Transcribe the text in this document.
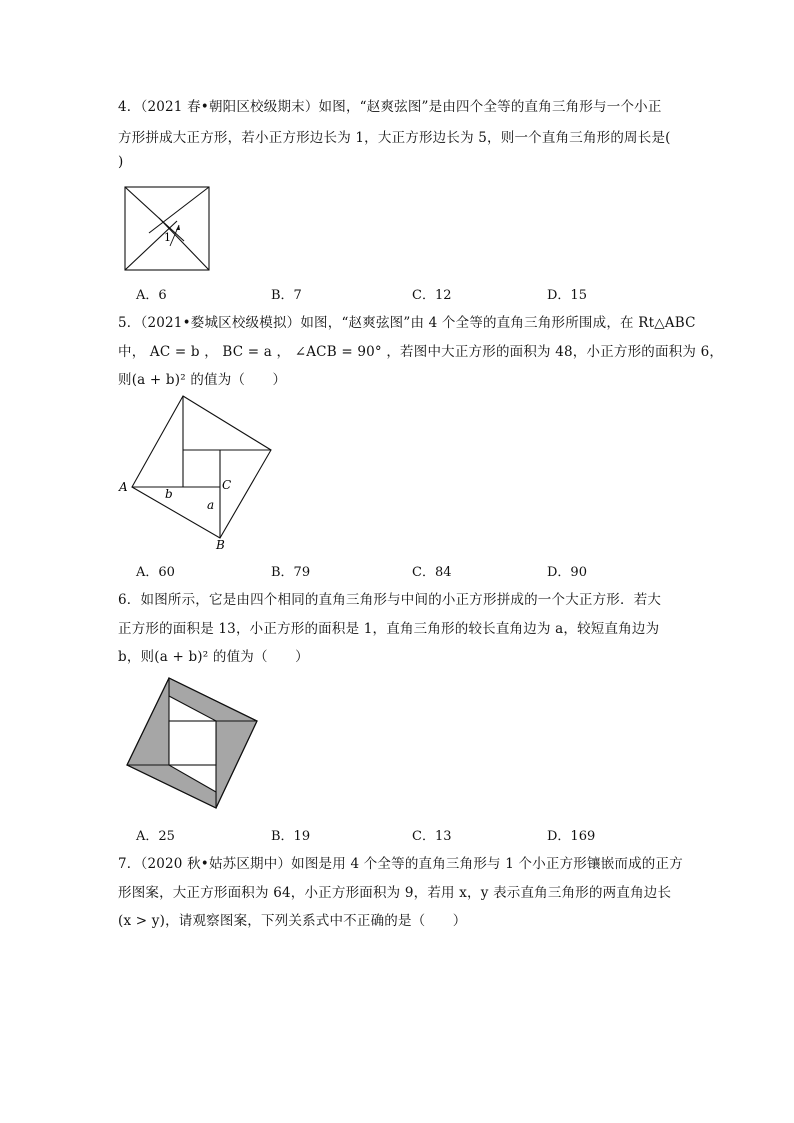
4．（2021 春•朝阳区校级期末）如图，“赵爽弦图”是由四个全等的直角三角形与一个小正
方形拼成大正方形，若小正方形边长为 1，大正方形边长为 5，则一个直角三角形的周长是(
)
1
A．6	B．7	C．12	D．15
5．（2021•婺城区校级模拟）如图，“赵爽弦图”由 4 个全等的直角三角形所围成，在 Rt△ABC
中， AC = b ， BC = a ， ∠ACB = 90° ，若图中大正方形的面积为 48，小正方形的面积为 6，
则(a + b)² 的值为（　　）
A	C
B
b
a
A．60	B．79	C．84	D．90
6．如图所示，它是由四个相同的直角三角形与中间的小正方形拼成的一个大正方形．若大
正方形的面积是 13，小正方形的面积是 1，直角三角形的较长直角边为 a，较短直角边为
b，则(a + b)² 的值为（　　）
A．25	B．19	C．13	D．169
7．（2020 秋•姑苏区期中）如图是用 4 个全等的直角三角形与 1 个小正方形镶嵌而成的正方
形图案，大正方形面积为 64，小正方形面积为 9，若用 x，y 表示直角三角形的两直角边长
(x > y)，请观察图案，下列关系式中不正确的是（　　）
